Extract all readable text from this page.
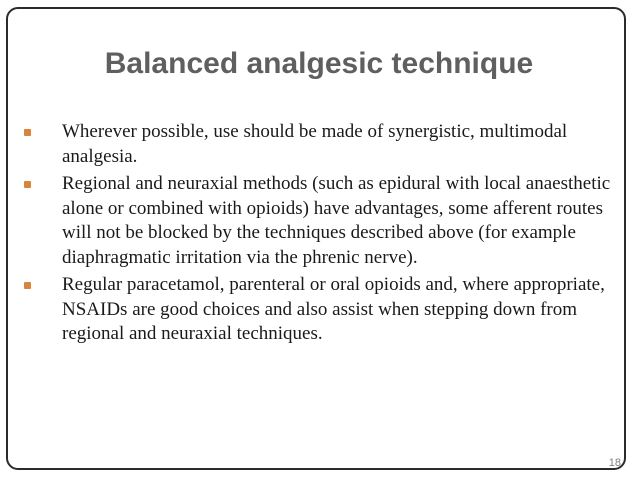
Balanced analgesic technique
Wherever possible, use should be made of synergistic, multimodal analgesia.
Regional and neuraxial methods (such as epidural with local anaesthetic alone or combined with opioids) have advantages, some afferent routes will not be blocked by the techniques described above (for example diaphragmatic irritation via the phrenic nerve).
Regular paracetamol, parenteral or oral opioids and, where appropriate, NSAIDs are good choices and also assist when stepping down from regional and neuraxial techniques.
18
